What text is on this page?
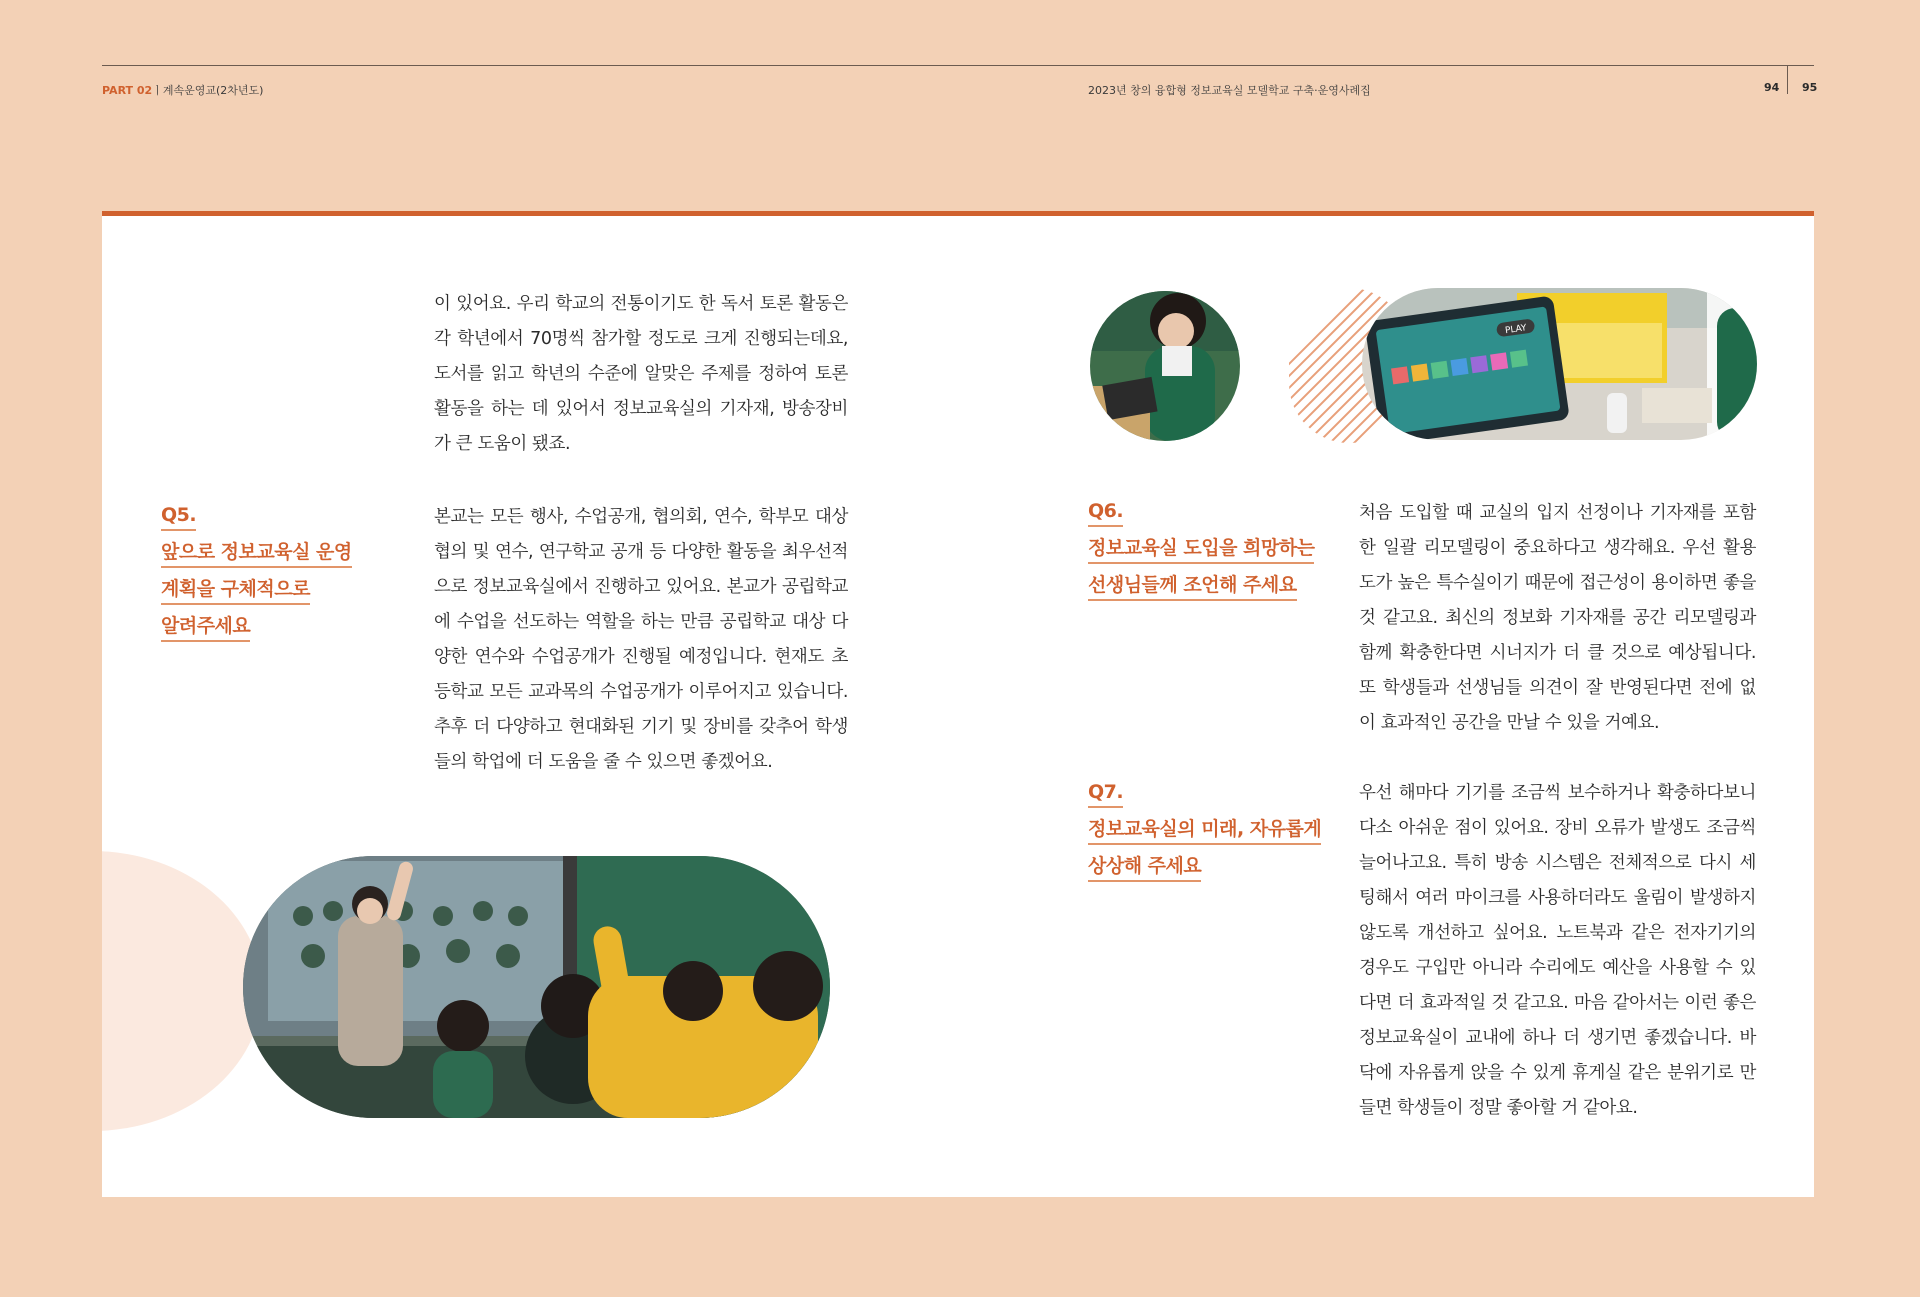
PART 02ㅣ계속운영교(2차년도)	2023년 창의 융합형 정보교육실 모델학교 구축·운영사례집	94 95
이 있어요. 우리 학교의 전통이기도 한 독서 토론 활동은 각 학년에서 70명씩 참가할 정도로 크게 진행되는데요, 도서를 읽고 학년의 수준에 알맞은 주제를 정하여 토론 활동을 하는 데 있어서 정보교육실의 기자재, 방송장비가 큰 도움이 됐죠.
Q5.
앞으로 정보교육실 운영
계획을 구체적으로
알려주세요
본교는 모든 행사, 수업공개, 협의회, 연수, 학부모 대상 협의 및 연수, 연구학교 공개 등 다양한 활동을 최우선적으로 정보교육실에서 진행하고 있어요. 본교가 공립학교에 수업을 선도하는 역할을 하는 만큼 공립학교 대상 다양한 연수와 수업공개가 진행될 예정입니다. 현재도 초등학교 모든 교과목의 수업공개가 이루어지고 있습니다. 추후 더 다양하고 현대화된 기기 및 장비를 갖추어 학생들의 학업에 더 도움을 줄 수 있으면 좋겠어요.
PLAY
Q6.
정보교육실 도입을 희망하는
선생님들께 조언해 주세요
처음 도입할 때 교실의 입지 선정이나 기자재를 포함한 일괄 리모델링이 중요하다고 생각해요. 우선 활용도가 높은 특수실이기 때문에 접근성이 용이하면 좋을 것 같고요. 최신의 정보화 기자재를 공간 리모델링과 함께 확충한다면 시너지가 더 클 것으로 예상됩니다. 또 학생들과 선생님들 의견이 잘 반영된다면 전에 없이 효과적인 공간을 만날 수 있을 거예요.
Q7.
정보교육실의 미래, 자유롭게
상상해 주세요
우선 해마다 기기를 조금씩 보수하거나 확충하다보니 다소 아쉬운 점이 있어요. 장비 오류가 발생도 조금씩 늘어나고요. 특히 방송 시스템은 전체적으로 다시 세팅해서 여러 마이크를 사용하더라도 울림이 발생하지 않도록 개선하고 싶어요. 노트북과 같은 전자기기의 경우도 구입만 아니라 수리에도 예산을 사용할 수 있다면 더 효과적일 것 같고요. 마음 같아서는 이런 좋은 정보교육실이 교내에 하나 더 생기면 좋겠습니다. 바닥에 자유롭게 앉을 수 있게 휴게실 같은 분위기로 만들면 학생들이 정말 좋아할 거 같아요.
